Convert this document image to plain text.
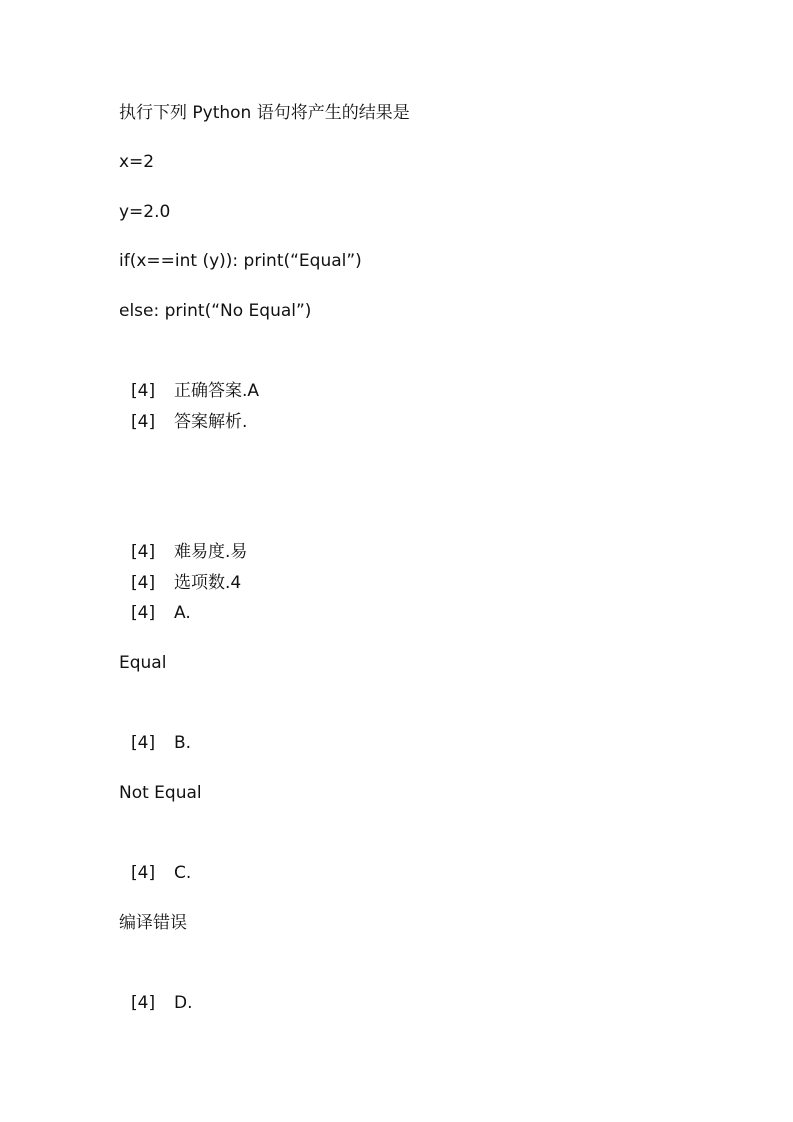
执行下列 Python 语句将产生的结果是
x=2
y=2.0
if(x==int (y)): print(“Equal”)
else: print(“No Equal”)
[4] 正确答案.A
[4] 答案解析.
[4] 难易度.易
[4] 选项数.4
[4] A.
Equal
[4] B.
Not Equal
[4] C.
编译错误
[4] D.
